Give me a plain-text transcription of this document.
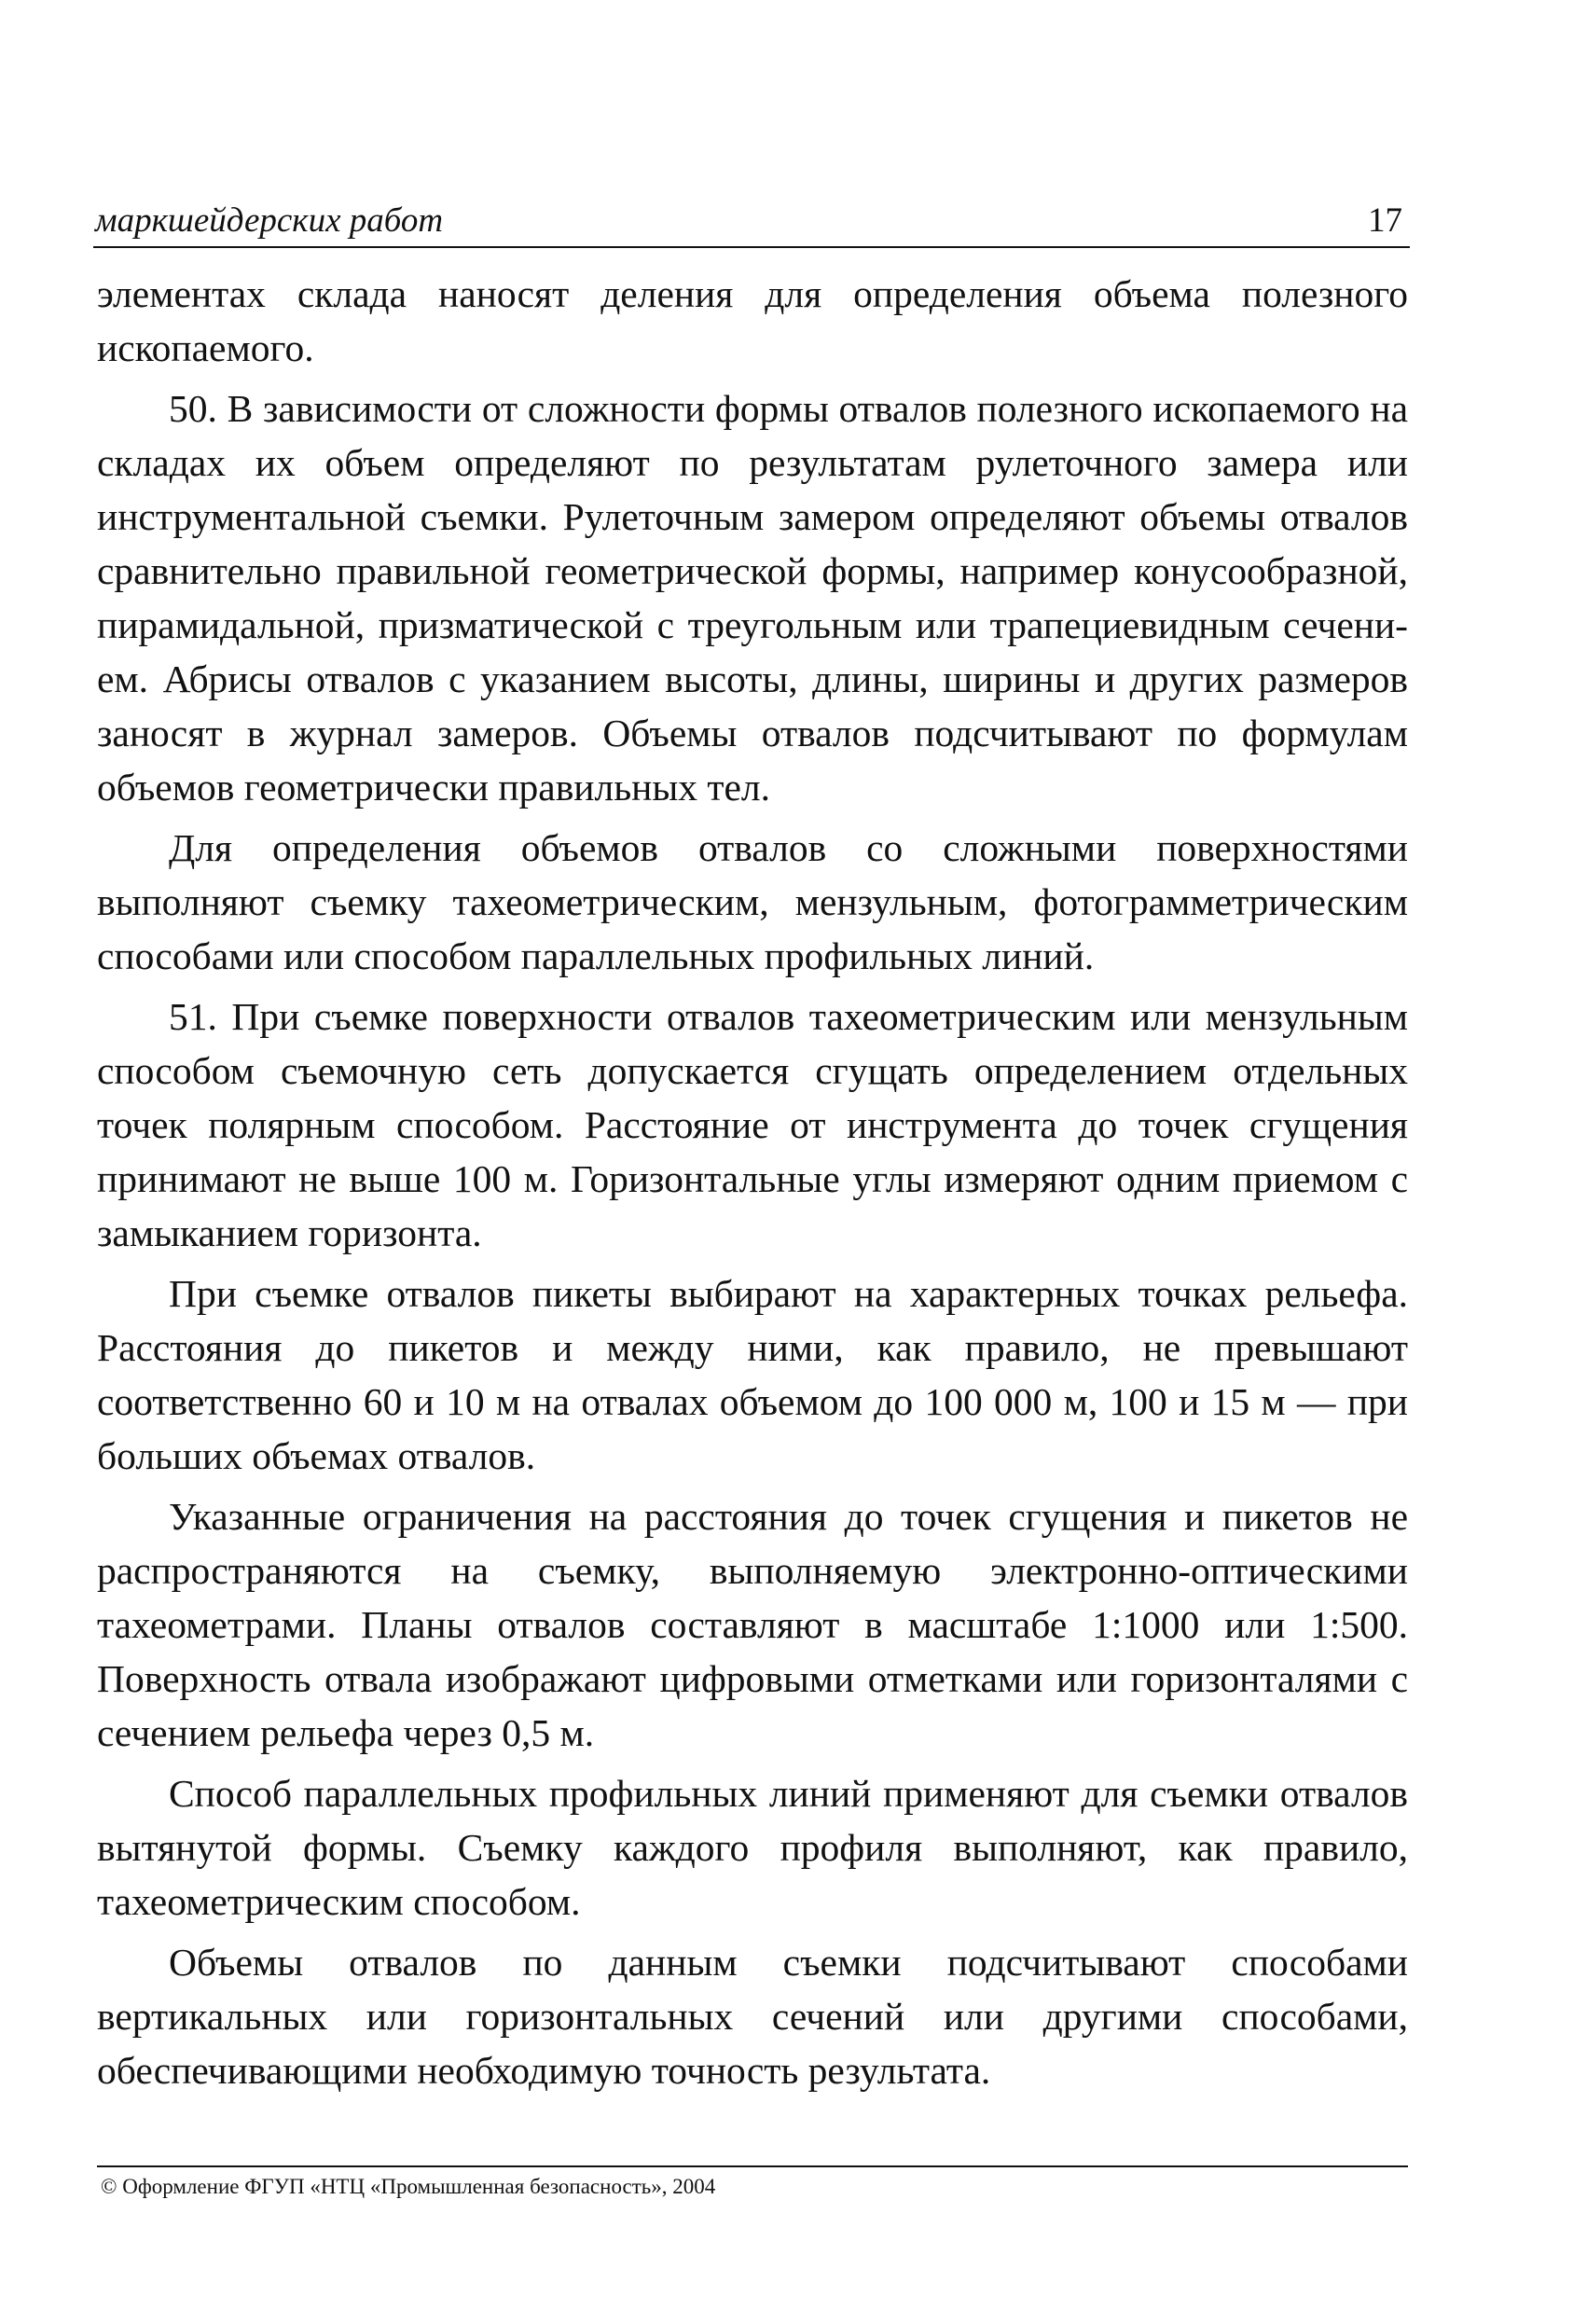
маркшейдерских работ	17

элементах склада наносят деления для определения объема полезного ископаемого.

50. В зависимости от сложности формы отвалов полезного ископаемого на складах их объем определяют по результатам рулеточного замера или инструментальной съемки. Рулеточным замером определяют объемы отвалов сравнительно правильной геометрической формы, например конусообразной, пирамидальной, призматической с треугольным или трапециевидным сечением. Абрисы отвалов с указанием высоты, длины, ширины и других размеров заносят в журнал замеров. Объемы отвалов подсчитывают по формулам объемов геометрически правильных тел.

Для определения объемов отвалов со сложными поверхностями выполняют съемку тахеометрическим, мензульным, фотограмметрическим способами или способом параллельных профильных линий.

51. При съемке поверхности отвалов тахеометрическим или мензульным способом съемочную сеть допускается сгущать определением отдельных точек полярным способом. Расстояние от инструмента до точек сгущения принимают не выше 100 м. Горизонтальные углы измеряют одним приемом с замыканием горизонта.

При съемке отвалов пикеты выбирают на характерных точках рельефа. Расстояния до пикетов и между ними, как правило, не превышают соответственно 60 и 10 м на отвалах объемом до 100 000 м, 100 и 15 м — при больших объемах отвалов.

Указанные ограничения на расстояния до точек сгущения и пикетов не распространяются на съемку, выполняемую электронно-оптическими тахеометрами. Планы отвалов составляют в масштабе 1:1000 или 1:500. Поверхность отвала изображают цифровыми отметками или горизонталями с сечением рельефа через 0,5 м.

Способ параллельных профильных линий применяют для съемки отвалов вытянутой формы. Съемку каждого профиля выполняют, как правило, тахеометрическим способом.

Объемы отвалов по данным съемки подсчитывают способами вертикальных или горизонтальных сечений или другими способами, обеспечивающими необходимую точность результата.

© Оформление ФГУП «НТЦ «Промышленная безопасность», 2004
